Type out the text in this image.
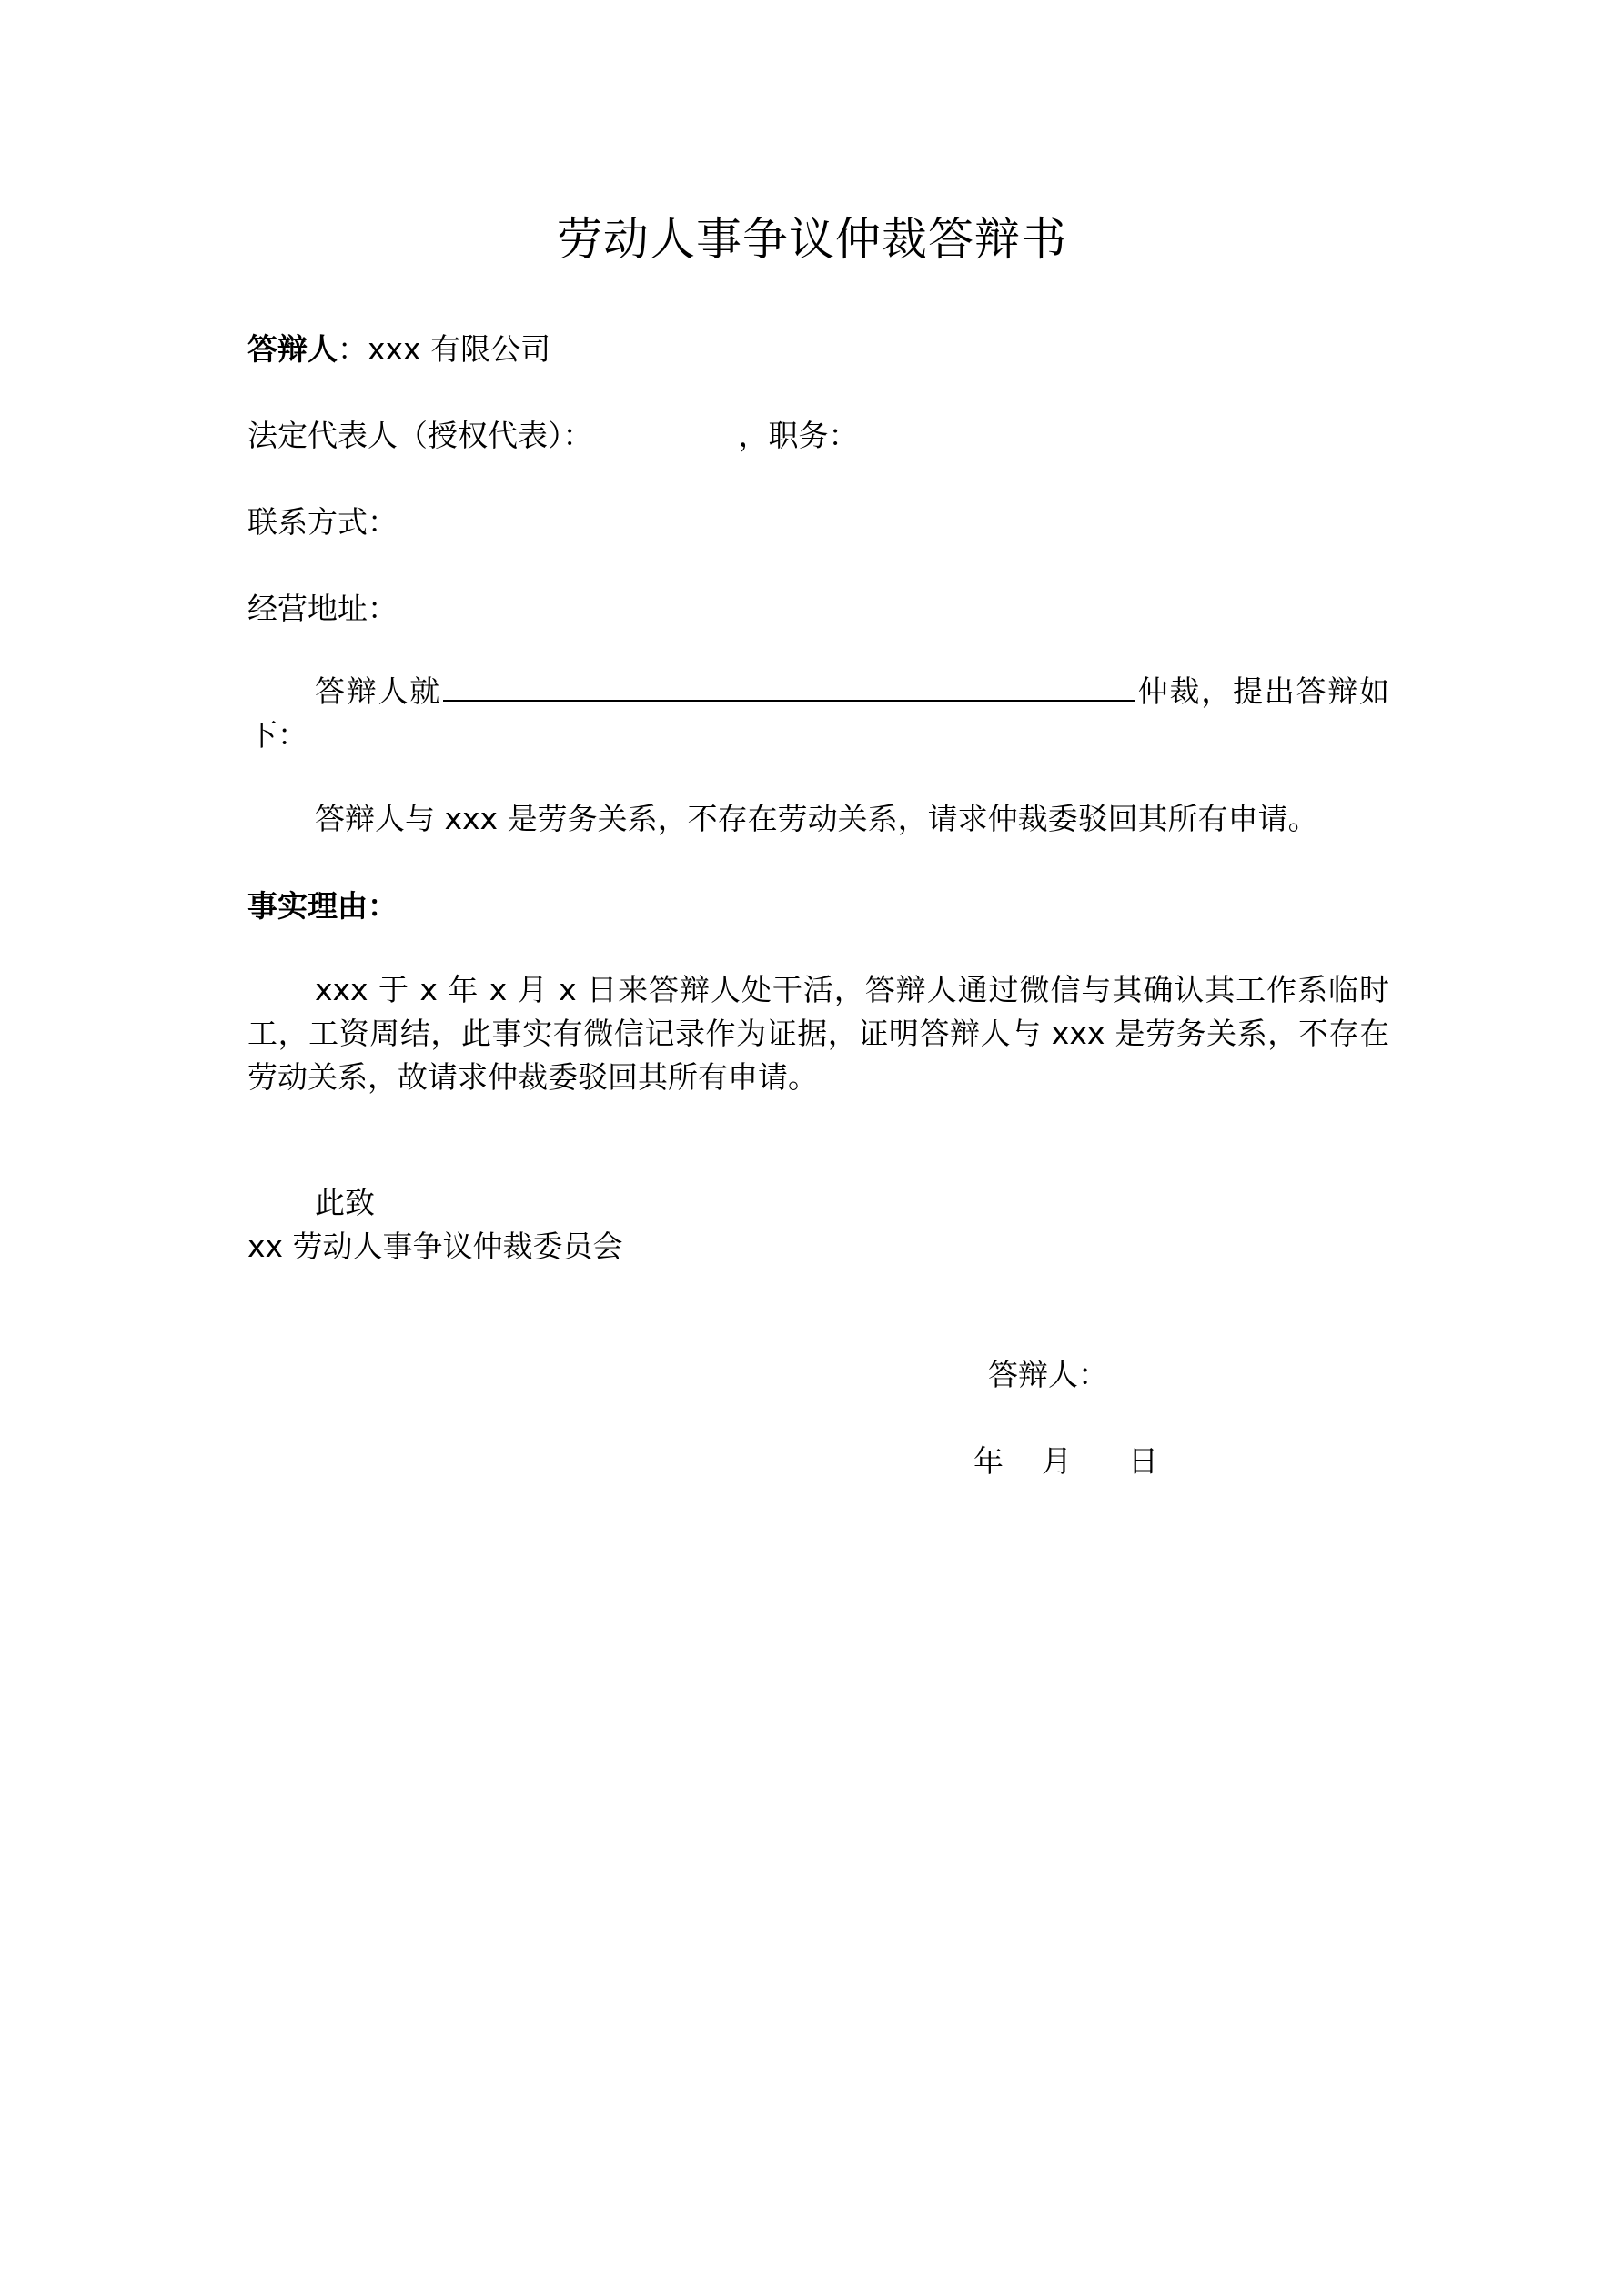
劳动人事争议仲裁答辩书
答辩人：xxx 有限公司
法定代表人（授权代表）：	，职务：
联系方式：
经营地址：
答辩人就	仲裁，提出答辩如下：
答辩人与 xxx 是劳务关系，不存在劳动关系，请求仲裁委驳回其所有申请。
事实理由：
xxx 于 x 年 x 月 x 日来答辩人处干活，答辩人通过微信与其确认其工作系临时工，工资周结，此事实有微信记录作为证据，证明答辩人与 xxx 是劳务关系，不存在劳动关系，故请求仲裁委驳回其所有申请。
此致
xx 劳动人事争议仲裁委员会
答辩人：
年 月 日
